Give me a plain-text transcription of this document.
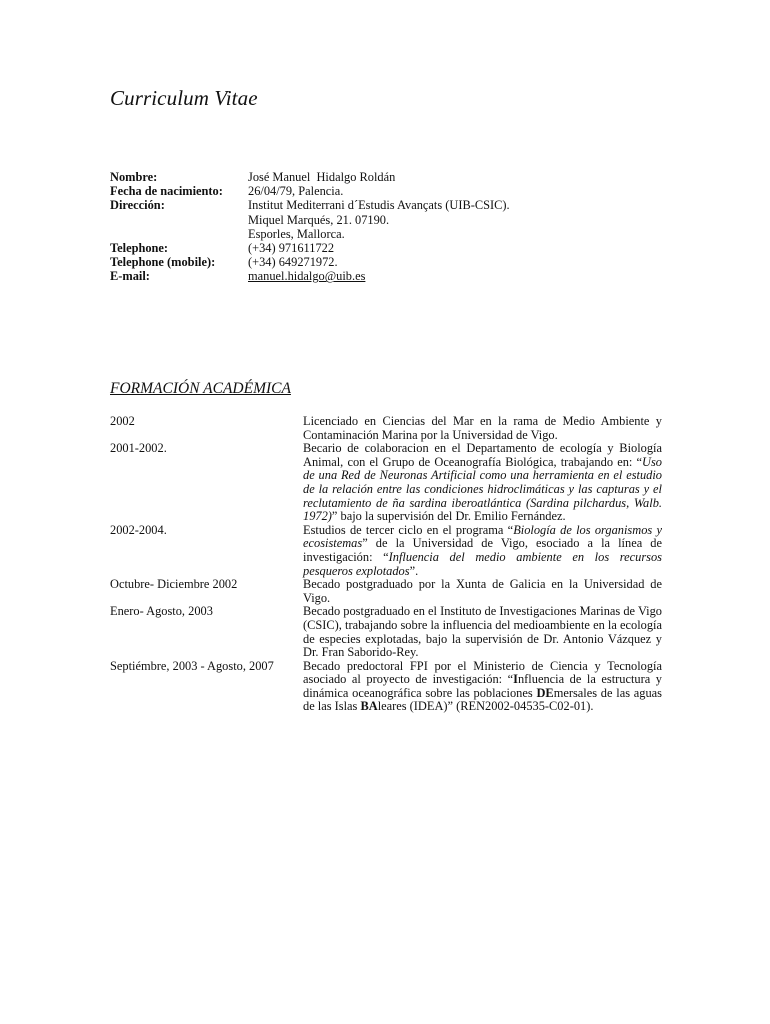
Curriculum Vitae
Nombre:	José Manuel  Hidalgo Roldán
Fecha de nacimiento:	26/04/79, Palencia.
Dirección:	Institut Mediterrani d´Estudis Avançats (UIB-CSIC).
Miquel Marqués, 21. 07190.
Esporles, Mallorca.
Telephone:	(+34) 971611722
Telephone (mobile):	(+34) 649271972.
E-mail:	manuel.hidalgo@uib.es
FORMACIÓN ACADÉMICA
2002	Licenciado en Ciencias del Mar en la rama de Medio Ambiente y Contaminación Marina por la Universidad de Vigo.
2001-2002.	Becario de colaboracion en el Departamento de ecología y Biología Animal, con el Grupo de Oceanografía Biológica, trabajando en: “Uso de una Red de Neuronas Artificial como una herramienta en el estudio de la relación entre las condiciones hidroclimáticas y las capturas y el reclutamiento de ña sardina iberoatlántica (Sardina pilchardus, Walb. 1972)” bajo la supervisión del Dr. Emilio Fernández.
2002-2004.	Estudios de tercer ciclo en el programa “Biología de los organismos y ecosistemas” de la Universidad de Vigo, esociado a la línea de investigación: “Influencia del medio ambiente en los recursos pesqueros explotados”.
Octubre- Diciembre 2002	Becado postgraduado por la Xunta de Galicia en la Universidad de Vigo.
Enero- Agosto, 2003	Becado postgraduado en el Instituto de Investigaciones Marinas de Vigo (CSIC), trabajando sobre la influencia del medioambiente en la ecología de especies explotadas, bajo la supervisión de Dr. Antonio Vázquez y Dr. Fran Saborido-Rey.
Septiémbre, 2003 - Agosto, 2007	Becado predoctoral FPI por el Ministerio de Ciencia y Tecnología asociado al proyecto de investigación: “Influencia de la estructura y dinámica oceanográfica sobre las poblaciones DEmersales de las aguas de las Islas BAleares (IDEA)” (REN2002-04535-C02-01).
